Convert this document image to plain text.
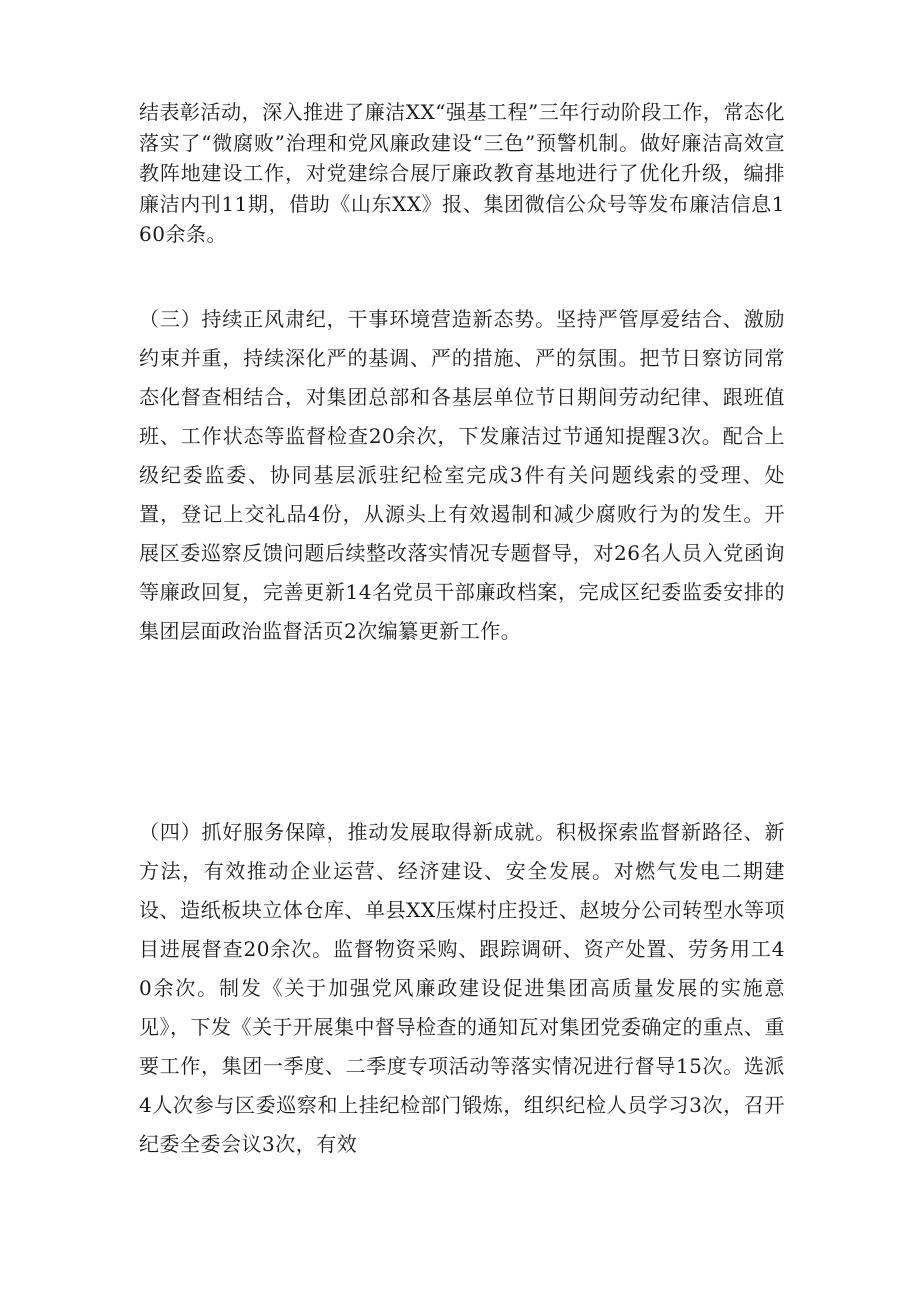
结表彰活动，深入推进了廉洁XX“强基工程”三年行动阶段工作，常态化落实了“微腐败”治理和党风廉政建设“三色”预警机制。做好廉洁高效宣教阵地建设工作，对党建综合展厅廉政教育基地进行了优化升级，编排廉洁内刊11期，借助《山东XX》报、集团微信公众号等发布廉洁信息160余条。

（三）持续正风肃纪，干事环境营造新态势。坚持严管厚爱结合、激励约束并重，持续深化严的基调、严的措施、严的氛围。把节日察访同常态化督查相结合，对集团总部和各基层单位节日期间劳动纪律、跟班值班、工作状态等监督检查20余次，下发廉洁过节通知提醒3次。配合上级纪委监委、协同基层派驻纪检室完成3件有关问题线索的受理、处置，登记上交礼品4份，从源头上有效遏制和减少腐败行为的发生。开展区委巡察反馈问题后续整改落实情况专题督导，对26名人员入党函询等廉政回复，完善更新14名党员干部廉政档案，完成区纪委监委安排的集团层面政治监督活页2次编纂更新工作。

（四）抓好服务保障，推动发展取得新成就。积极探索监督新路径、新方法，有效推动企业运营、经济建设、安全发展。对燃气发电二期建设、造纸板块立体仓库、单县XX压煤村庄投迁、赵坡分公司转型水等项目进展督查20余次。监督物资采购、跟踪调研、资产处置、劳务用工40余次。制发《关于加强党风廉政建设促进集团高质量发展的实施意见》，下发《关于开展集中督导检查的通知瓦对集团党委确定的重点、重要工作，集团一季度、二季度专项活动等落实情况进行督导15次。选派4人次参与区委巡察和上挂纪检部门锻炼，组织纪检人员学习3次，召开纪委全委会议3次，有效
